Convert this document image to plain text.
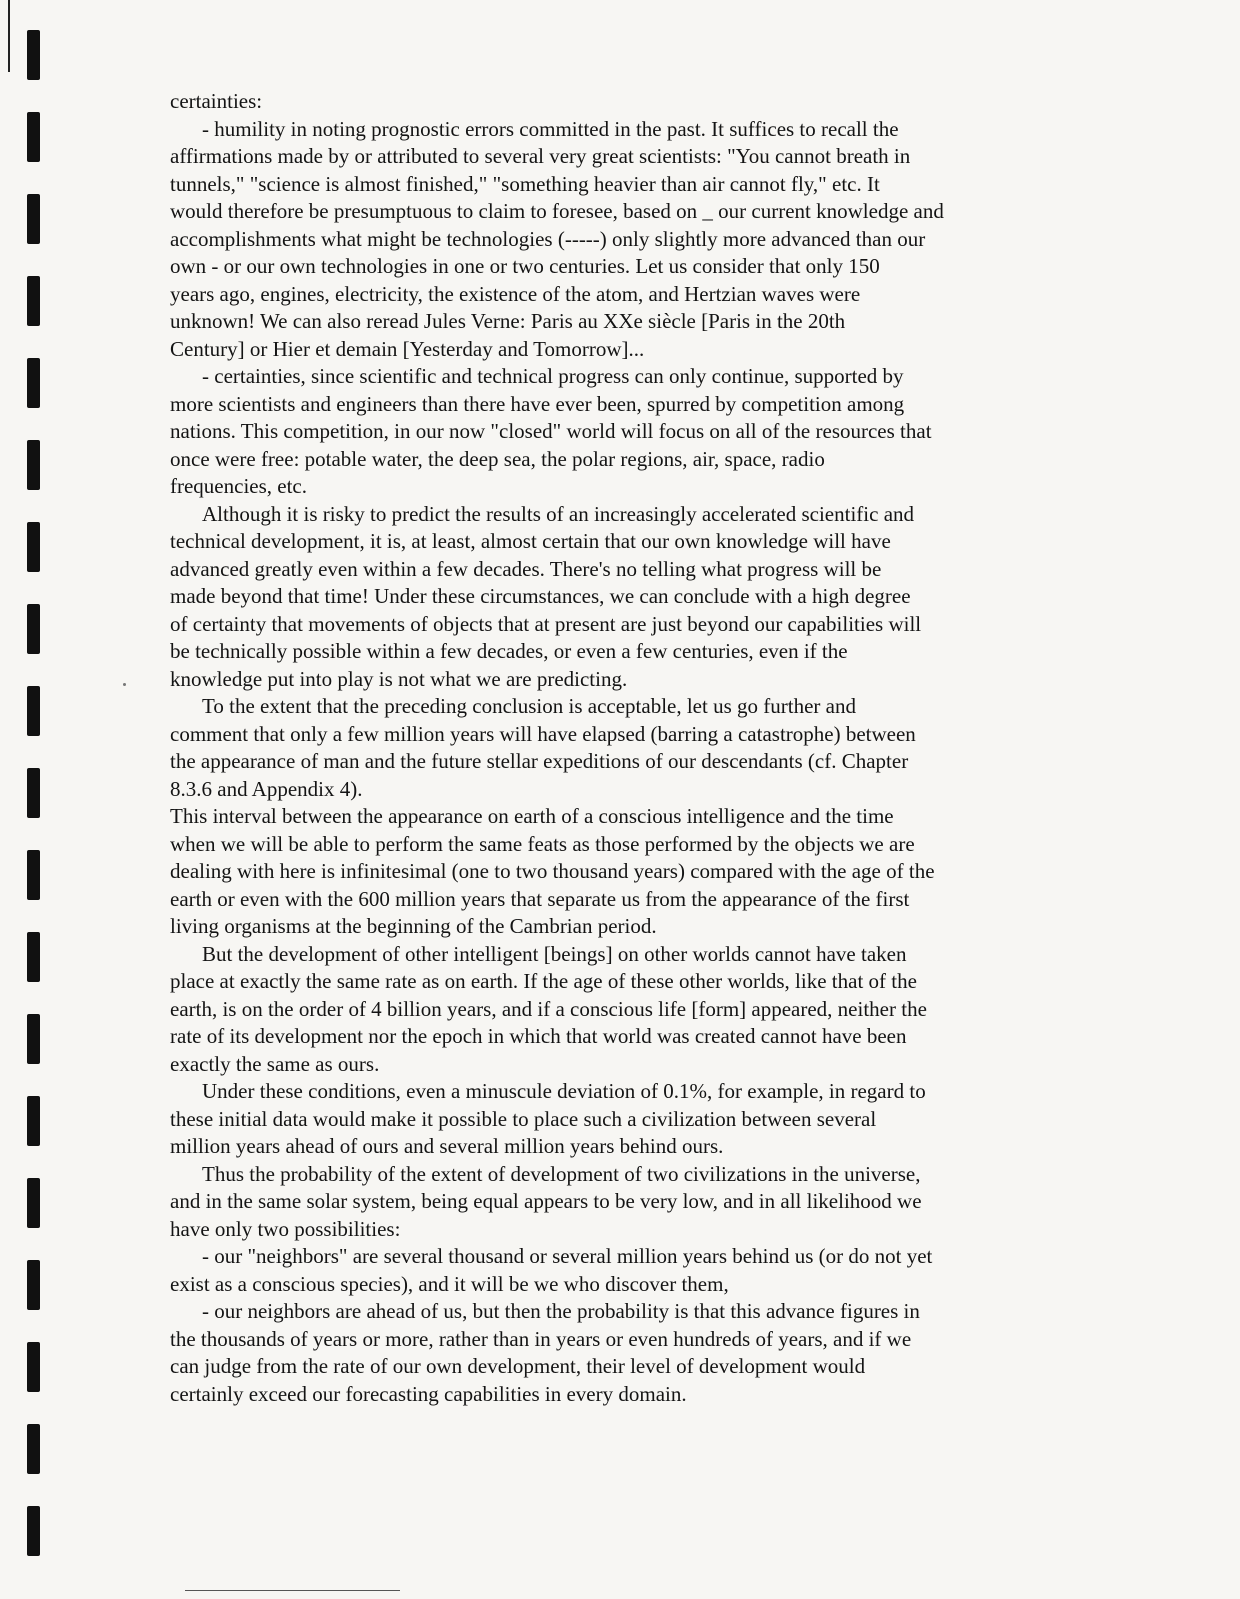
certainties:
- humility in noting prognostic errors committed in the past. It suffices to recall the
affirmations made by or attributed to several very great scientists: "You cannot breath in
tunnels," "science is almost finished," "something heavier than air cannot fly," etc. It
would therefore be presumptuous to claim to foresee, based on _ our current knowledge and
accomplishments what might be technologies (-----) only slightly more advanced than our
own - or our own technologies in one or two centuries. Let us consider that only 150
years ago, engines, electricity, the existence of the atom, and Hertzian waves were
unknown! We can also reread Jules Verne: Paris au XXe siècle [Paris in the 20th
Century] or Hier et demain [Yesterday and Tomorrow]...
- certainties, since scientific and technical progress can only continue, supported by
more scientists and engineers than there have ever been, spurred by competition among
nations. This competition, in our now "closed" world will focus on all of the resources that
once were free: potable water, the deep sea, the polar regions, air, space, radio
frequencies, etc.
Although it is risky to predict the results of an increasingly accelerated scientific and
technical development, it is, at least, almost certain that our own knowledge will have
advanced greatly even within a few decades. There's no telling what progress will be
made beyond that time! Under these circumstances, we can conclude with a high degree
of certainty that movements of objects that at present are just beyond our capabilities will
be technically possible within a few decades, or even a few centuries, even if the
knowledge put into play is not what we are predicting.
To the extent that the preceding conclusion is acceptable, let us go further and
comment that only a few million years will have elapsed (barring a catastrophe) between
the appearance of man and the future stellar expeditions of our descendants (cf. Chapter
8.3.6 and Appendix 4).
This interval between the appearance on earth of a conscious intelligence and the time
when we will be able to perform the same feats as those performed by the objects we are
dealing with here is infinitesimal (one to two thousand years) compared with the age of the
earth or even with the 600 million years that separate us from the appearance of the first
living organisms at the beginning of the Cambrian period.
But the development of other intelligent [beings] on other worlds cannot have taken
place at exactly the same rate as on earth. If the age of these other worlds, like that of the
earth, is on the order of 4 billion years, and if a conscious life [form] appeared, neither the
rate of its development nor the epoch in which that world was created cannot have been
exactly the same as ours.
Under these conditions, even a minuscule deviation of 0.1%, for example, in regard to
these initial data would make it possible to place such a civilization between several
million years ahead of ours and several million years behind ours.
Thus the probability of the extent of development of two civilizations in the universe,
and in the same solar system, being equal appears to be very low, and in all likelihood we
have only two possibilities:
- our "neighbors" are several thousand or several million years behind us (or do not yet
exist as a conscious species), and it will be we who discover them,
- our neighbors are ahead of us, but then the probability is that this advance figures in
the thousands of years or more, rather than in years or even hundreds of years, and if we
can judge from the rate of our own development, their level of development would
certainly exceed our forecasting capabilities in every domain.
